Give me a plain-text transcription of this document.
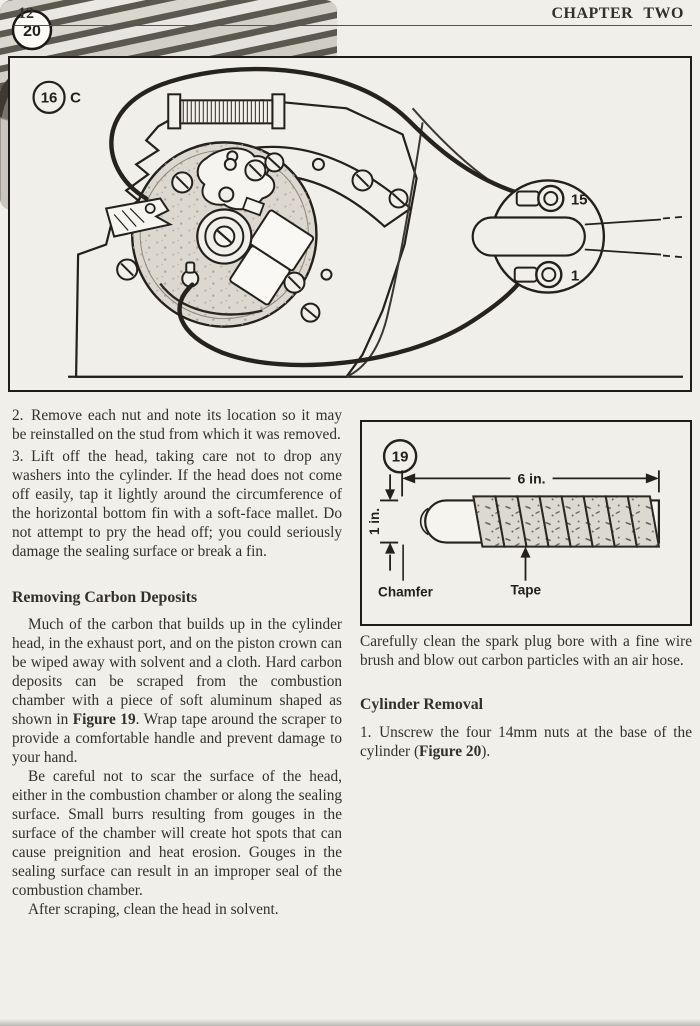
12	CHAPTER TWO
15
1
16 C

2. Remove each nut and note its location so it may be reinstalled on the stud from which it was removed.

3. Lift off the head, taking care not to drop any washers into the cylinder. If the head does not come off easily, tap it lightly around the circumference of the horizontal bottom fin with a soft-face mallet. Do not attempt to pry the head off; you could seriously damage the sealing surface or break a fin.

Removing Carbon Deposits

Much of the carbon that builds up in the cylinder head, in the exhaust port, and on the piston crown can be wiped away with solvent and a cloth. Hard carbon deposits can be scraped from the combustion chamber with a piece of soft aluminum shaped as shown in Figure 19. Wrap tape around the scraper to provide a comfortable handle and prevent damage to your hand.

Be careful not to scar the surface of the head, either in the combustion chamber or along the sealing surface. Small burrs resulting from gouges in the surface of the chamber will create hot spots that can cause preignition and heat erosion. Gouges in the sealing surface can result in an improper seal of the combustion chamber.

After scraping, clean the head in solvent.

6 in.
1 in.
Chamfer	Tape
19

Carefully clean the spark plug bore with a fine wire brush and blow out carbon particles with an air hose.

Cylinder Removal

1. Unscrew the four 14mm nuts at the base of the cylinder (Figure 20).

20
